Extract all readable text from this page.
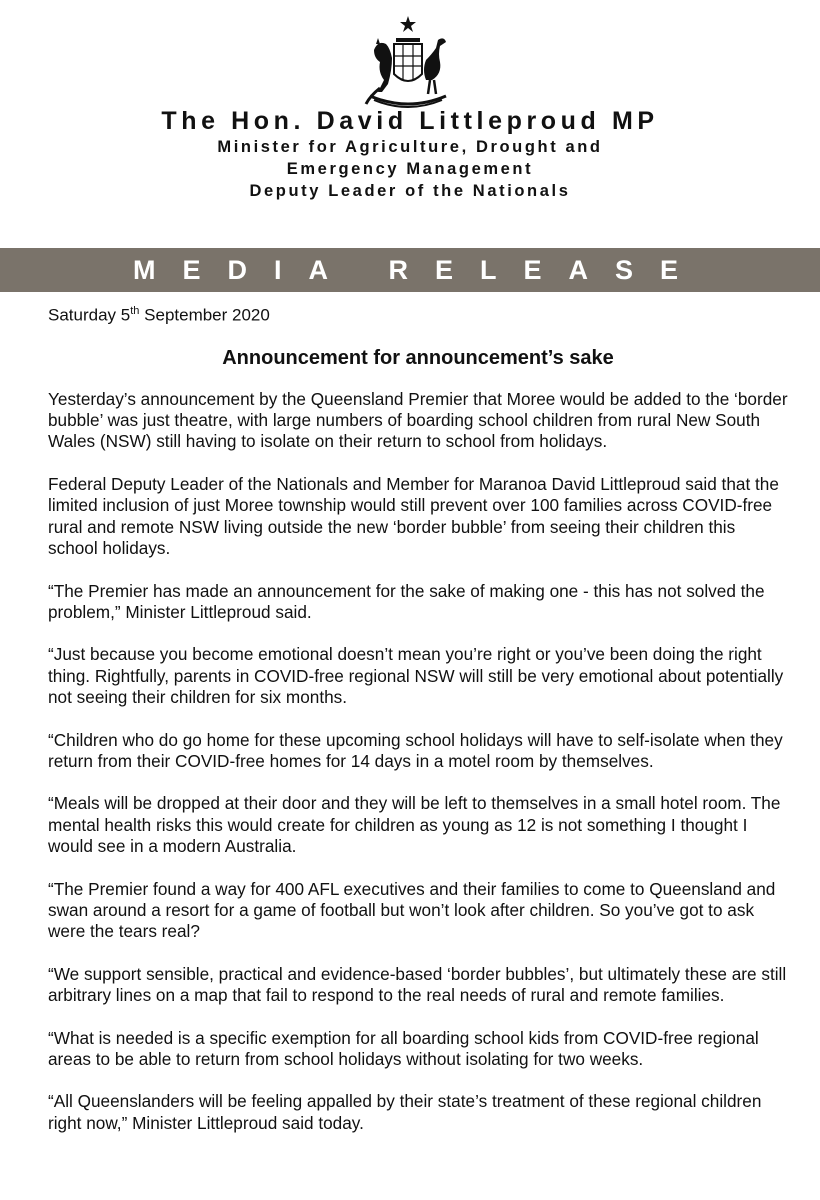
The Hon. David Littleproud MP

Minister for Agriculture, Drought and

Emergency Management

Deputy Leader of the Nationals

MEDIA RELEASE

Saturday 5th September 2020

Announcement for announcement’s sake

Yesterday’s announcement by the Queensland Premier that Moree would be added to the ‘border bubble’ was just theatre, with large numbers of boarding school children from rural New South Wales (NSW) still having to isolate on their return to school from holidays.

Federal Deputy Leader of the Nationals and Member for Maranoa David Littleproud said that the limited inclusion of just Moree township would still prevent over 100 families across COVID-free rural and remote NSW living outside the new ‘border bubble’ from seeing their children this school holidays.

“The Premier has made an announcement for the sake of making one - this has not solved the problem,” Minister Littleproud said.

“Just because you become emotional doesn’t mean you’re right or you’ve been doing the right thing. Rightfully, parents in COVID-free regional NSW will still be very emotional about potentially not seeing their children for six months.

“Children who do go home for these upcoming school holidays will have to self-isolate when they return from their COVID-free homes for 14 days in a motel room by themselves.

“Meals will be dropped at their door and they will be left to themselves in a small hotel room. The mental health risks this would create for children as young as 12 is not something I thought I would see in a modern Australia.

“The Premier found a way for 400 AFL executives and their families to come to Queensland and swan around a resort for a game of football but won’t look after children. So you’ve got to ask were the tears real?

“We support sensible, practical and evidence-based ‘border bubbles’, but ultimately these are still arbitrary lines on a map that fail to respond to the real needs of rural and remote families.

“What is needed is a specific exemption for all boarding school kids from COVID-free regional areas to be able to return from school holidays without isolating for two weeks.

“All Queenslanders will be feeling appalled by their state’s treatment of these regional children right now,” Minister Littleproud said today.
